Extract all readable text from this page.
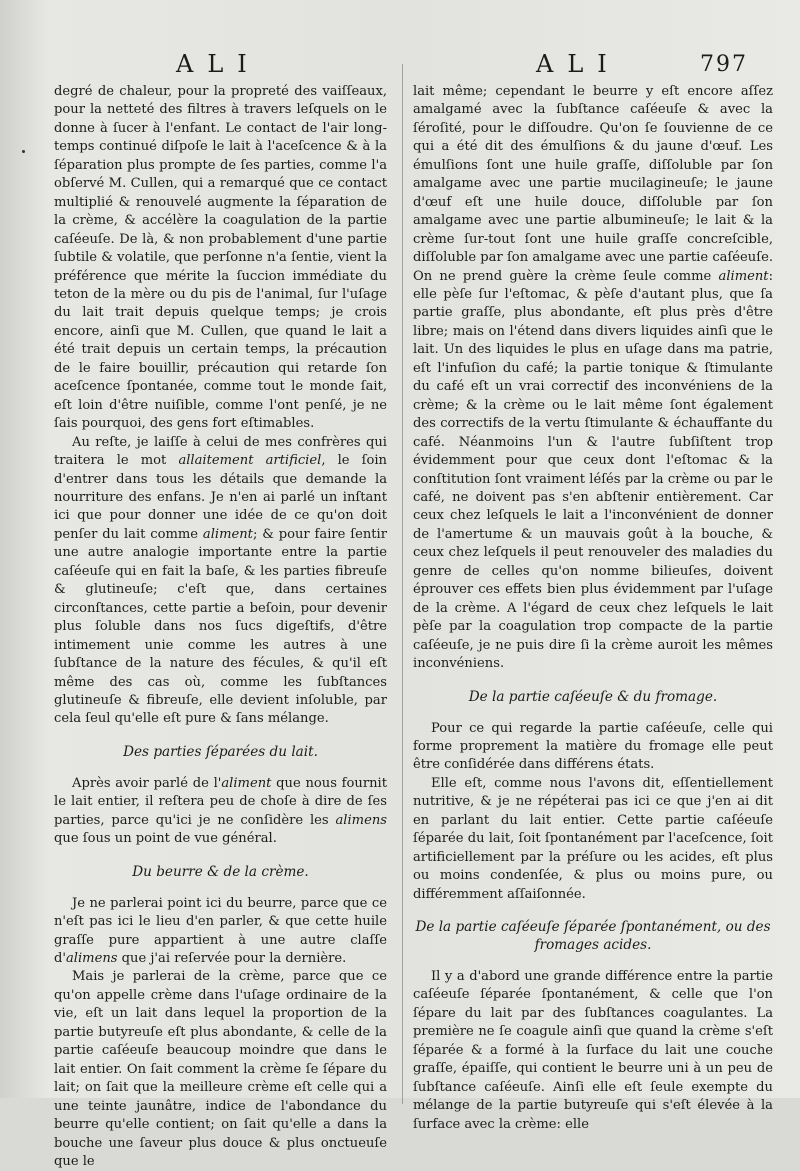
ALI	ALI	797

degré de chaleur, pour la propreté des vaiſſeaux, pour la netteté des filtres à travers leſquels on le donne à ſucer à l'enfant. Le contact de l'air long-temps continué diſpoſe le lait à l'aceſcence & à la ſéparation plus prompte de ſes parties, comme l'a obſervé M. Cullen, qui a remarqué que ce contact multiplié & renouvelé augmente la ſéparation de la crème, & accélère la coagulation de la partie caſéeuſe. De là, & non probablement d'une partie ſubtile & volatile, que perſonne n'a ſentie, vient la préférence que mérite la ſuccion immédiate du teton de la mère ou du pis de l'animal, ſur l'uſage du lait trait depuis quelque temps; je crois encore, ainſi que M. Cullen, que quand le lait a été trait depuis un certain temps, la précaution de le faire bouillir, précaution qui retarde ſon aceſcence ſpontanée, comme tout le monde ſait, eſt loin d'être nuiſible, comme l'ont penſé, je ne ſais pourquoi, des gens fort eſtimables.

Au reſte, je laiſſe à celui de mes confrères qui traitera le mot allaitement artificiel, le ſoin d'entrer dans tous les détails que demande la nourriture des enfans. Je n'en ai parlé un inſtant ici que pour donner une idée de ce qu'on doit penſer du lait comme aliment; & pour faire ſentir une autre analogie importante entre la partie caſéeuſe qui en fait la baſe, & les parties fibreuſe & glutineuſe; c'eſt que, dans certaines circonſtances, cette partie a beſoin, pour devenir plus ſoluble dans nos ſucs digeſtifs, d'être intimement unie comme les autres à une ſubſtance de la nature des fécules, & qu'il eſt même des cas où, comme les ſubſtances glutineuſe & fibreuſe, elle devient inſoluble, par cela ſeul qu'elle eſt pure & ſans mélange.

Des parties ſéparées du lait.

Après avoir parlé de l'aliment que nous fournit le lait entier, il reſtera peu de choſe à dire de ſes parties, parce qu'ici je ne conſidère les alimens que ſous un point de vue général.

Du beurre & de la crème.

Je ne parlerai point ici du beurre, parce que ce n'eſt pas ici le lieu d'en parler, & que cette huile graſſe pure appartient à une autre claſſe d'alimens que j'ai reſervée pour la dernière.

Mais je parlerai de la crème, parce que ce qu'on appelle crème dans l'uſage ordinaire de la vie, eſt un lait dans lequel la proportion de la partie butyreuſe eſt plus abondante, & celle de la partie caſéeuſe beaucoup moindre que dans le lait entier. On ſait comment la crème ſe ſépare du lait; on ſait que la meilleure crème eſt celle qui a une teinte jaunâtre, indice de l'abondance du beurre qu'elle contient; on ſait qu'elle a dans la bouche une ſaveur plus douce & plus onctueuſe que le

lait même; cependant le beurre y eſt encore aſſez amalgamé avec la ſubſtance caſéeuſe & avec la ſéroſité, pour le diſſoudre. Qu'on ſe ſouvienne de ce qui a été dit des émulſions & du jaune d'œuf. Les émulſions ſont une huile graſſe, diſſoluble par ſon amalgame avec une partie mucilagineuſe; le jaune d'œuf eſt une huile douce, diſſoluble par ſon amalgame avec une partie albumineuſe; le lait & la crème ſur-tout ſont une huile graſſe concreſcible, diſſoluble par ſon amalgame avec une partie caſéeuſe. On ne prend guère la crème ſeule comme aliment: elle pèſe ſur l'eſtomac, & pèſe d'autant plus, que ſa partie graſſe, plus abondante, eſt plus près d'être libre; mais on l'étend dans divers liquides ainſi que le lait. Un des liquides le plus en uſage dans ma patrie, eſt l'infuſion du café; la partie tonique & ſtimulante du café eſt un vrai correctif des inconvéniens de la crème; & la crème ou le lait même ſont également des correctifs de la vertu ſtimulante & échauffante du café. Néanmoins l'un & l'autre ſubſiſtent trop évidemment pour que ceux dont l'eſtomac & la conſtitution ſont vraiment léſés par la crème ou par le café, ne doivent pas s'en abſtenir entièrement. Car ceux chez leſquels le lait a l'inconvénient de donner de l'amertume & un mauvais goût à la bouche, & ceux chez leſquels il peut renouveler des maladies du genre de celles qu'on nomme bilieuſes, doivent éprouver ces effets bien plus évidemment par l'uſage de la crème. A l'égard de ceux chez leſquels le lait pèſe par la coagulation trop compacte de la partie caſéeuſe, je ne puis dire ſi la crème auroit les mêmes inconvéniens.

De la partie caſéeuſe & du fromage.

Pour ce qui regarde la partie caſéeuſe, celle qui forme proprement la matière du fromage elle peut être conſidérée dans différens états.

Elle eſt, comme nous l'avons dit, eſſentiellement nutritive, & je ne répéterai pas ici ce que j'en ai dit en parlant du lait entier. Cette partie caſéeuſe ſéparée du lait, ſoit ſpontanément par l'aceſcence, ſoit artificiellement par la préſure ou les acides, eſt plus ou moins condenſée, & plus ou moins pure, ou différemment aſſaiſonnée.

De la partie caſéeuſe ſéparée ſpontanément, ou des fromages acides.

Il y a d'abord une grande différence entre la partie caſéeuſe ſéparée ſpontanément, & celle que l'on ſépare du lait par des ſubſtances coagulantes. La première ne ſe coagule ainſi que quand la crème s'eſt ſéparée & a formé à la ſurface du lait une couche graſſe, épaiſſe, qui contient le beurre uni à un peu de ſubſtance caſéeuſe. Ainſi elle eſt ſeule exempte du mélange de la partie butyreuſe qui s'eſt élevée à la ſurface avec la crème: elle
